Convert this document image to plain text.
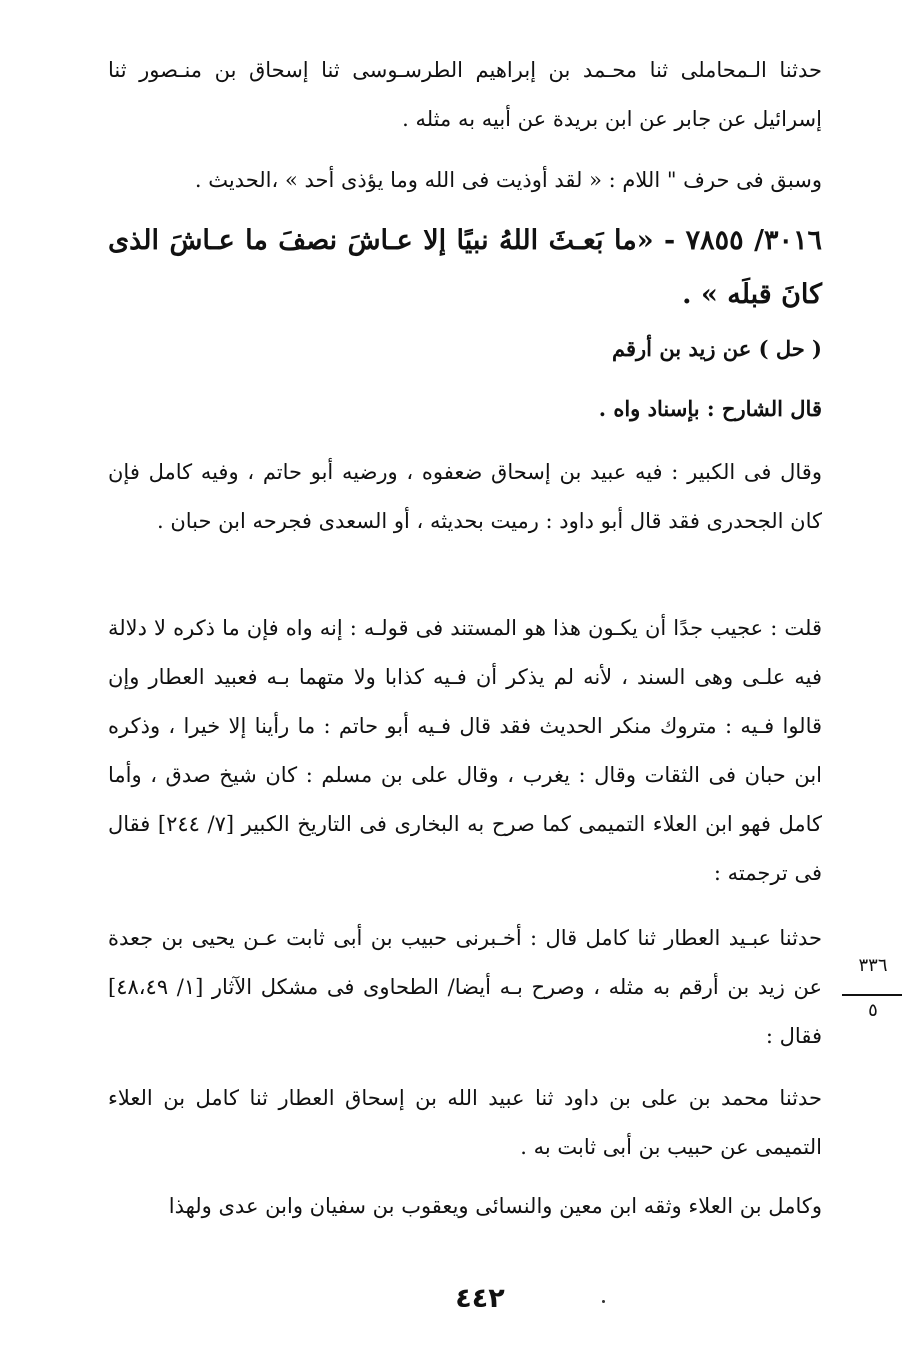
حدثنا الـمحاملى ثنا محـمد بن إبراهيم الطرسـوسى ثنا إسحاق بن منـصور ثنا إسرائيل عن جابر عن ابن بريدة عن أبيه به مثله .

وسبق فى حرف " اللام : « لقد أوذيت فى الله وما يؤذى أحد » ،الحديث .

٣٠١٦/ ٧٨٥٥ - «ما بَعـثَ اللهُ نبيًا إلا عـاشَ نصفَ ما عـاشَ الذى كانَ قبلَه » .

( حل ) عن زيد بن أرقم

قال الشارح : بإسناد واه .

وقال فى الكبير : فيه عبيد بن إسحاق ضعفوه ، ورضيه أبو حاتم ، وفيه كامل فإن كان الجحدرى فقد قال أبو داود : رميت بحديثه ، أو السعدى فجرحه ابن حبان .

قلت : عجيب جدًا أن يكـون هذا هو المستند فى قولـه : إنه واه فإن ما ذكره لا دلالة فيه علـى وهى السند ، لأنه لم يذكر أن فـيه كذابا ولا متهما بـه فعبيد العطار وإن قالوا فـيه : متروك منكر الحديث فقد قال فـيه أبو حاتم : ما رأينا إلا خيرا ، وذكره ابن حبان فى الثقات وقال : يغرب ، وقال على بن مسلم : كان شيخ صدق ، وأما كامل فهو ابن العلاء التميمى كما صرح به البخارى فى التاريخ الكبير [٧/ ٢٤٤] فقال فى ترجمته :

حدثنا عبـيد العطار ثنا كامل قال : أخـبرنى حبيب بن أبى ثابت عـن يحيى بن جعدة عن زيد بن أرقم به مثله ، وصرح بـه أيضا/ الطحاوى فى مشكل الآثار [١/ ٤٨،٤٩] فقال :

حدثنا محمد بن على بن داود ثنا عبيد الله بن إسحاق العطار ثنا كامل بن العلاء التميمى عن حبيب بن أبى ثابت به .

وكامل بن العلاء وثقه ابن معين والنسائى ويعقوب بن سفيان وابن عدى ولهذا

٣٣٦
٥
٤٤٢
